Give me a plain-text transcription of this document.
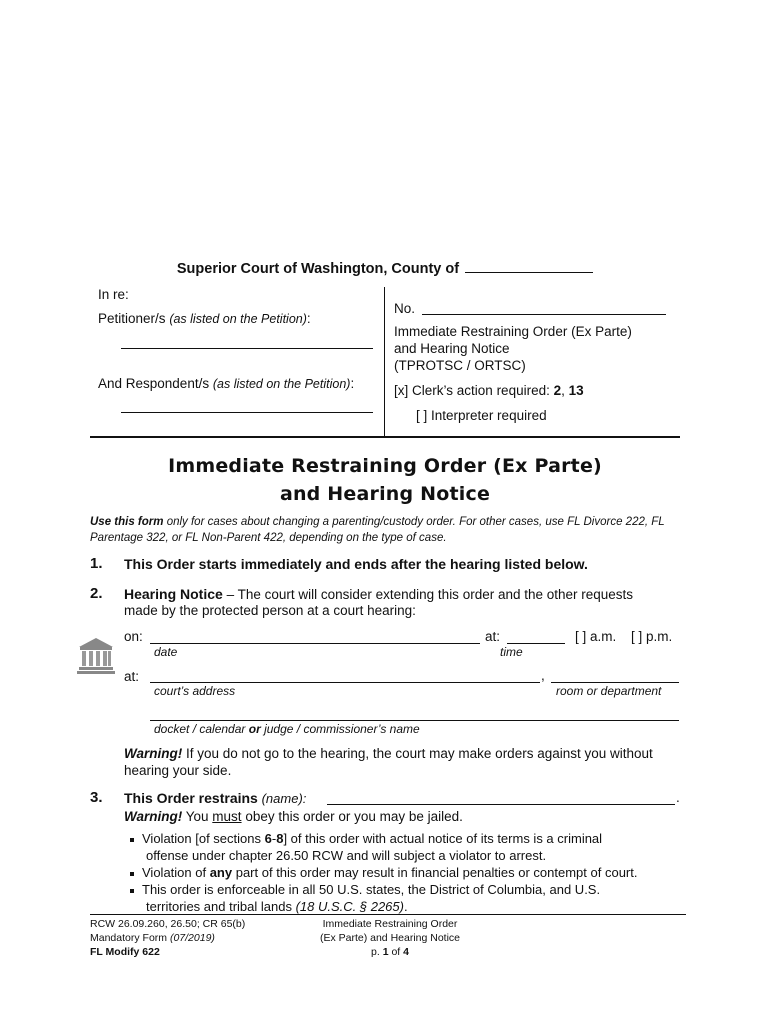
Superior Court of Washington, County of
In re:
Petitioner/s (as listed on the Petition):
And Respondent/s (as listed on the Petition):
No.
Immediate Restraining Order (Ex Parte)
and Hearing Notice
(TPROTSC / ORTSC)
[x] Clerk’s action required: 2, 13
[ ] Interpreter required
Immediate Restraining Order (Ex Parte)
and Hearing Notice
Use this form only for cases about changing a parenting/custody order. For other cases, use FL Divorce 222, FL
Parentage 322, or FL Non-Parent 422, depending on the type of case.
1. This Order starts immediately and ends after the hearing listed below.
2. Hearing Notice – The court will consider extending this order and the other requests
made by the protected person at a court hearing:
on:	at:	[ ] a.m. [ ] p.m.
date	time
at:	,
court’s address	room or department
docket / calendar or judge / commissioner’s name
Warning! If you do not go to the hearing, the court may make orders against you without
hearing your side.
3. This Order restrains (name):	.
Warning! You must obey this order or you may be jailed.
Violation [of sections 6-8] of this order with actual notice of its terms is a criminal
offense under chapter 26.50 RCW and will subject a violator to arrest.
Violation of any part of this order may result in financial penalties or contempt of court.
This order is enforceable in all 50 U.S. states, the District of Columbia, and U.S.
territories and tribal lands (18 U.S.C. § 2265).
RCW 26.09.260, 26.50; CR 65(b)
Mandatory Form (07/2019)
FL Modify 622
Immediate Restraining Order
(Ex Parte) and Hearing Notice
p. 1 of 4
